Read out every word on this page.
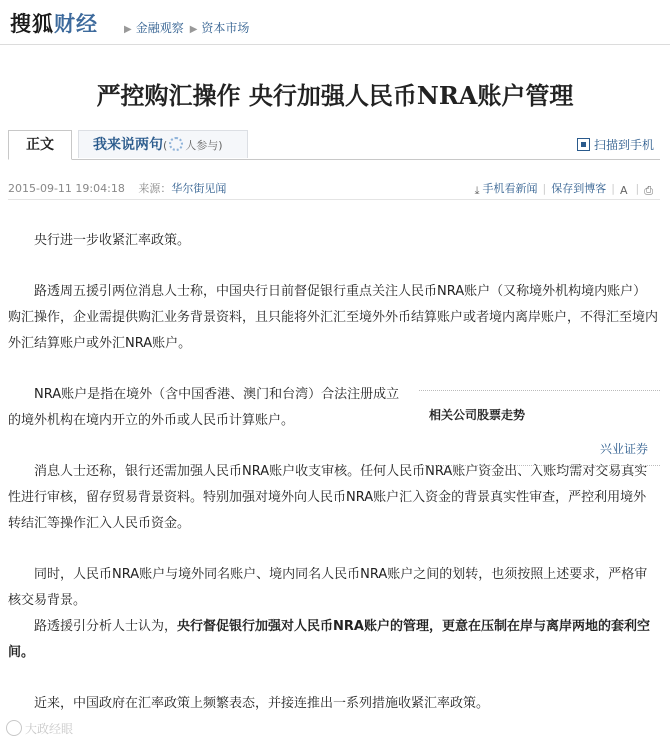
搜狐财经	▶ 金融观察 ▶ 资本市场
严控购汇操作 央行加强人民币NRA账户管理
正文	我来说两句( 人参与)	扫描到手机
2015-09-11 19:04:18 来源：华尔街见闻	⤓ 手机看新闻 | 保存到博客 | A | ⎙

央行进一步收紧汇率政策。

路透周五援引两位消息人士称，中国央行日前督促银行重点关注人民币NRA账户（又称境外机构境内账户）购汇操作，企业需提供购汇业务背景资料，且只能将外汇汇至境外外币结算账户或者境内离岸账户，不得汇至境内外汇结算账户或外汇NRA账户。

NRA账户是指在境外（含中国香港、澳门和台湾）合法注册成立的境外机构在境内开立的外币或人民币计算账户。

消息人士还称，银行还需加强人民币NRA账户收支审核。任何人民币NRA账户资金出、入账均需对交易真实性进行审核，留存贸易背景资料。特别加强对境外向人民币NRA账户汇入资金的背景真实性审查，严控利用境外转结汇等操作汇入人民币资金。

同时，人民币NRA账户与境外同名账户、境内同名人民币NRA账户之间的划转，也须按照上述要求，严格审核交易背景。

路透援引分析人士认为，央行督促银行加强对人民币NRA账户的管理，更意在压制在岸与离岸两地的套利空间。

近来，中国政府在汇率政策上频繁表态，并接连推出一系列措施收紧汇率政策。

相关公司股票走势
兴业证券
大政经眼
